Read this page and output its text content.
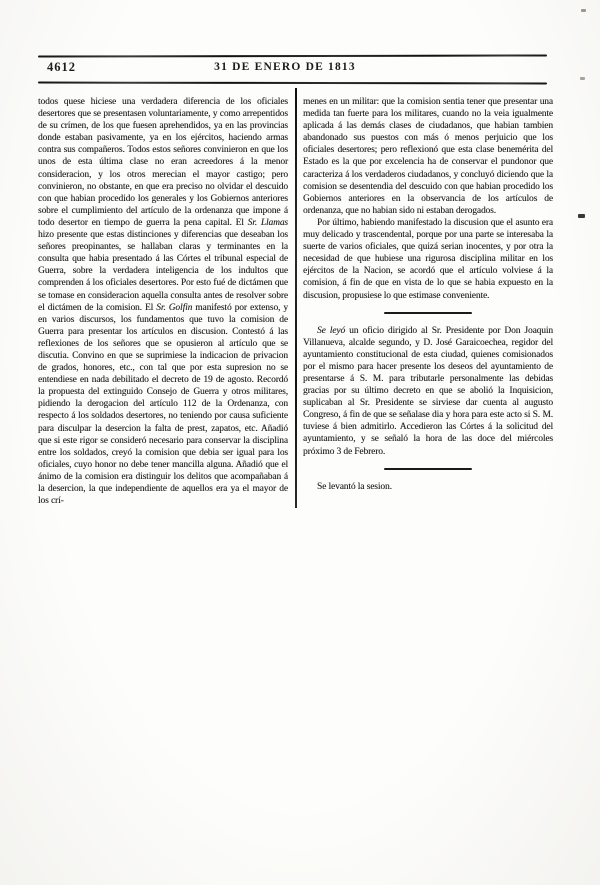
4612	31 DE ENERO DE 1813

todos quese hiciese una verdadera diferencia de los oficiales desertores que se presentasen voluntariamente, y como arrepentidos de su crímen, de los que fuesen aprehendidos, ya en las provincias donde estaban pasivamente, ya en los ejércitos, haciendo armas contra sus compañeros. Todos estos señores convinieron en que los unos de esta última clase no eran acreedores á la menor consideracion, y los otros merecian el mayor castigo; pero convinieron, no obstante, en que era preciso no olvidar el descuido con que habian procedido los generales y los Gobiernos anteriores sobre el cumplimiento del artículo de la ordenanza que impone á todo desertor en tiempo de guerra la pena capital. El Sr. Llamas hizo presente que estas distinciones y diferencias que deseaban los señores preopinantes, se hallaban claras y terminantes en la consulta que habia presentado á las Córtes el tribunal especial de Guerra, sobre la verdadera inteligencia de los indultos que comprenden á los oficiales desertores. Por esto fué de dictámen que se tomase en consideracion aquella consulta antes de resolver sobre el dictámen de la comision. El Sr. Golfin manifestó por extenso, y en varios discursos, los fundamentos que tuvo la comision de Guerra para presentar los artículos en discusion. Contestó á las reflexiones de los señores que se opusieron al artículo que se discutia. Convino en que se suprimiese la indicacion de privacion de grados, honores, etc., con tal que por esta supresion no se entendiese en nada debilitado el decreto de 19 de agosto. Recordó la propuesta del extinguido Consejo de Guerra y otros militares, pidiendo la derogacion del artículo 112 de la Ordenanza, con respecto á los soldados desertores, no teniendo por causa suficiente para disculpar la desercion la falta de prest, zapatos, etc. Añadió que si este rigor se consideró necesario para conservar la disciplina entre los soldados, creyó la comision que debia ser igual para los oficiales, cuyo honor no debe tener mancilla alguna. Añadió que el ánimo de la comision era distinguir los delitos que acompañaban á la desercion, la que independiente de aquellos era ya el mayor de los crí-

menes en un militar: que la comision sentia tener que presentar una medida tan fuerte para los militares, cuando no la veia igualmente aplicada á las demás clases de ciudadanos, que habian tambien abandonado sus puestos con más ó menos perjuicio que los oficiales desertores; pero reflexionó que esta clase benemérita del Estado es la que por excelencia ha de conservar el pundonor que caracteriza á los verdaderos ciudadanos, y concluyó diciendo que la comision se desentendia del descuido con que habian procedido los Gobiernos anteriores en la observancia de los artículos de ordenanza, que no habian sido ni estaban derogados.

Por último, habiendo manifestado la discusion que el asunto era muy delicado y trascendental, porque por una parte se interesaba la suerte de varios oficiales, que quizá serian inocentes, y por otra la necesidad de que hubiese una rigurosa disciplina militar en los ejércitos de la Nacion, se acordó que el artículo volviese á la comision, á fin de que en vista de lo que se habia expuesto en la discusion, propusiese lo que estimase conveniente.

Se leyó un oficio dirigido al Sr. Presidente por Don Joaquin Villanueva, alcalde segundo, y D. José Garaicoechea, regidor del ayuntamiento constitucional de esta ciudad, quienes comisionados por el mismo para hacer presente los deseos del ayuntamiento de presentarse á S. M. para tributarle personalmente las debidas gracias por su último decreto en que se abolió la Inquisicion, suplicaban al Sr. Presidente se sirviese dar cuenta al augusto Congreso, á fin de que se señalase dia y hora para este acto si S. M. tuviese á bien admitirlo. Accedieron las Córtes á la solicitud del ayuntamiento, y se señaló la hora de las doce del miércoles próximo 3 de Febrero.

Se levantó la sesion.
